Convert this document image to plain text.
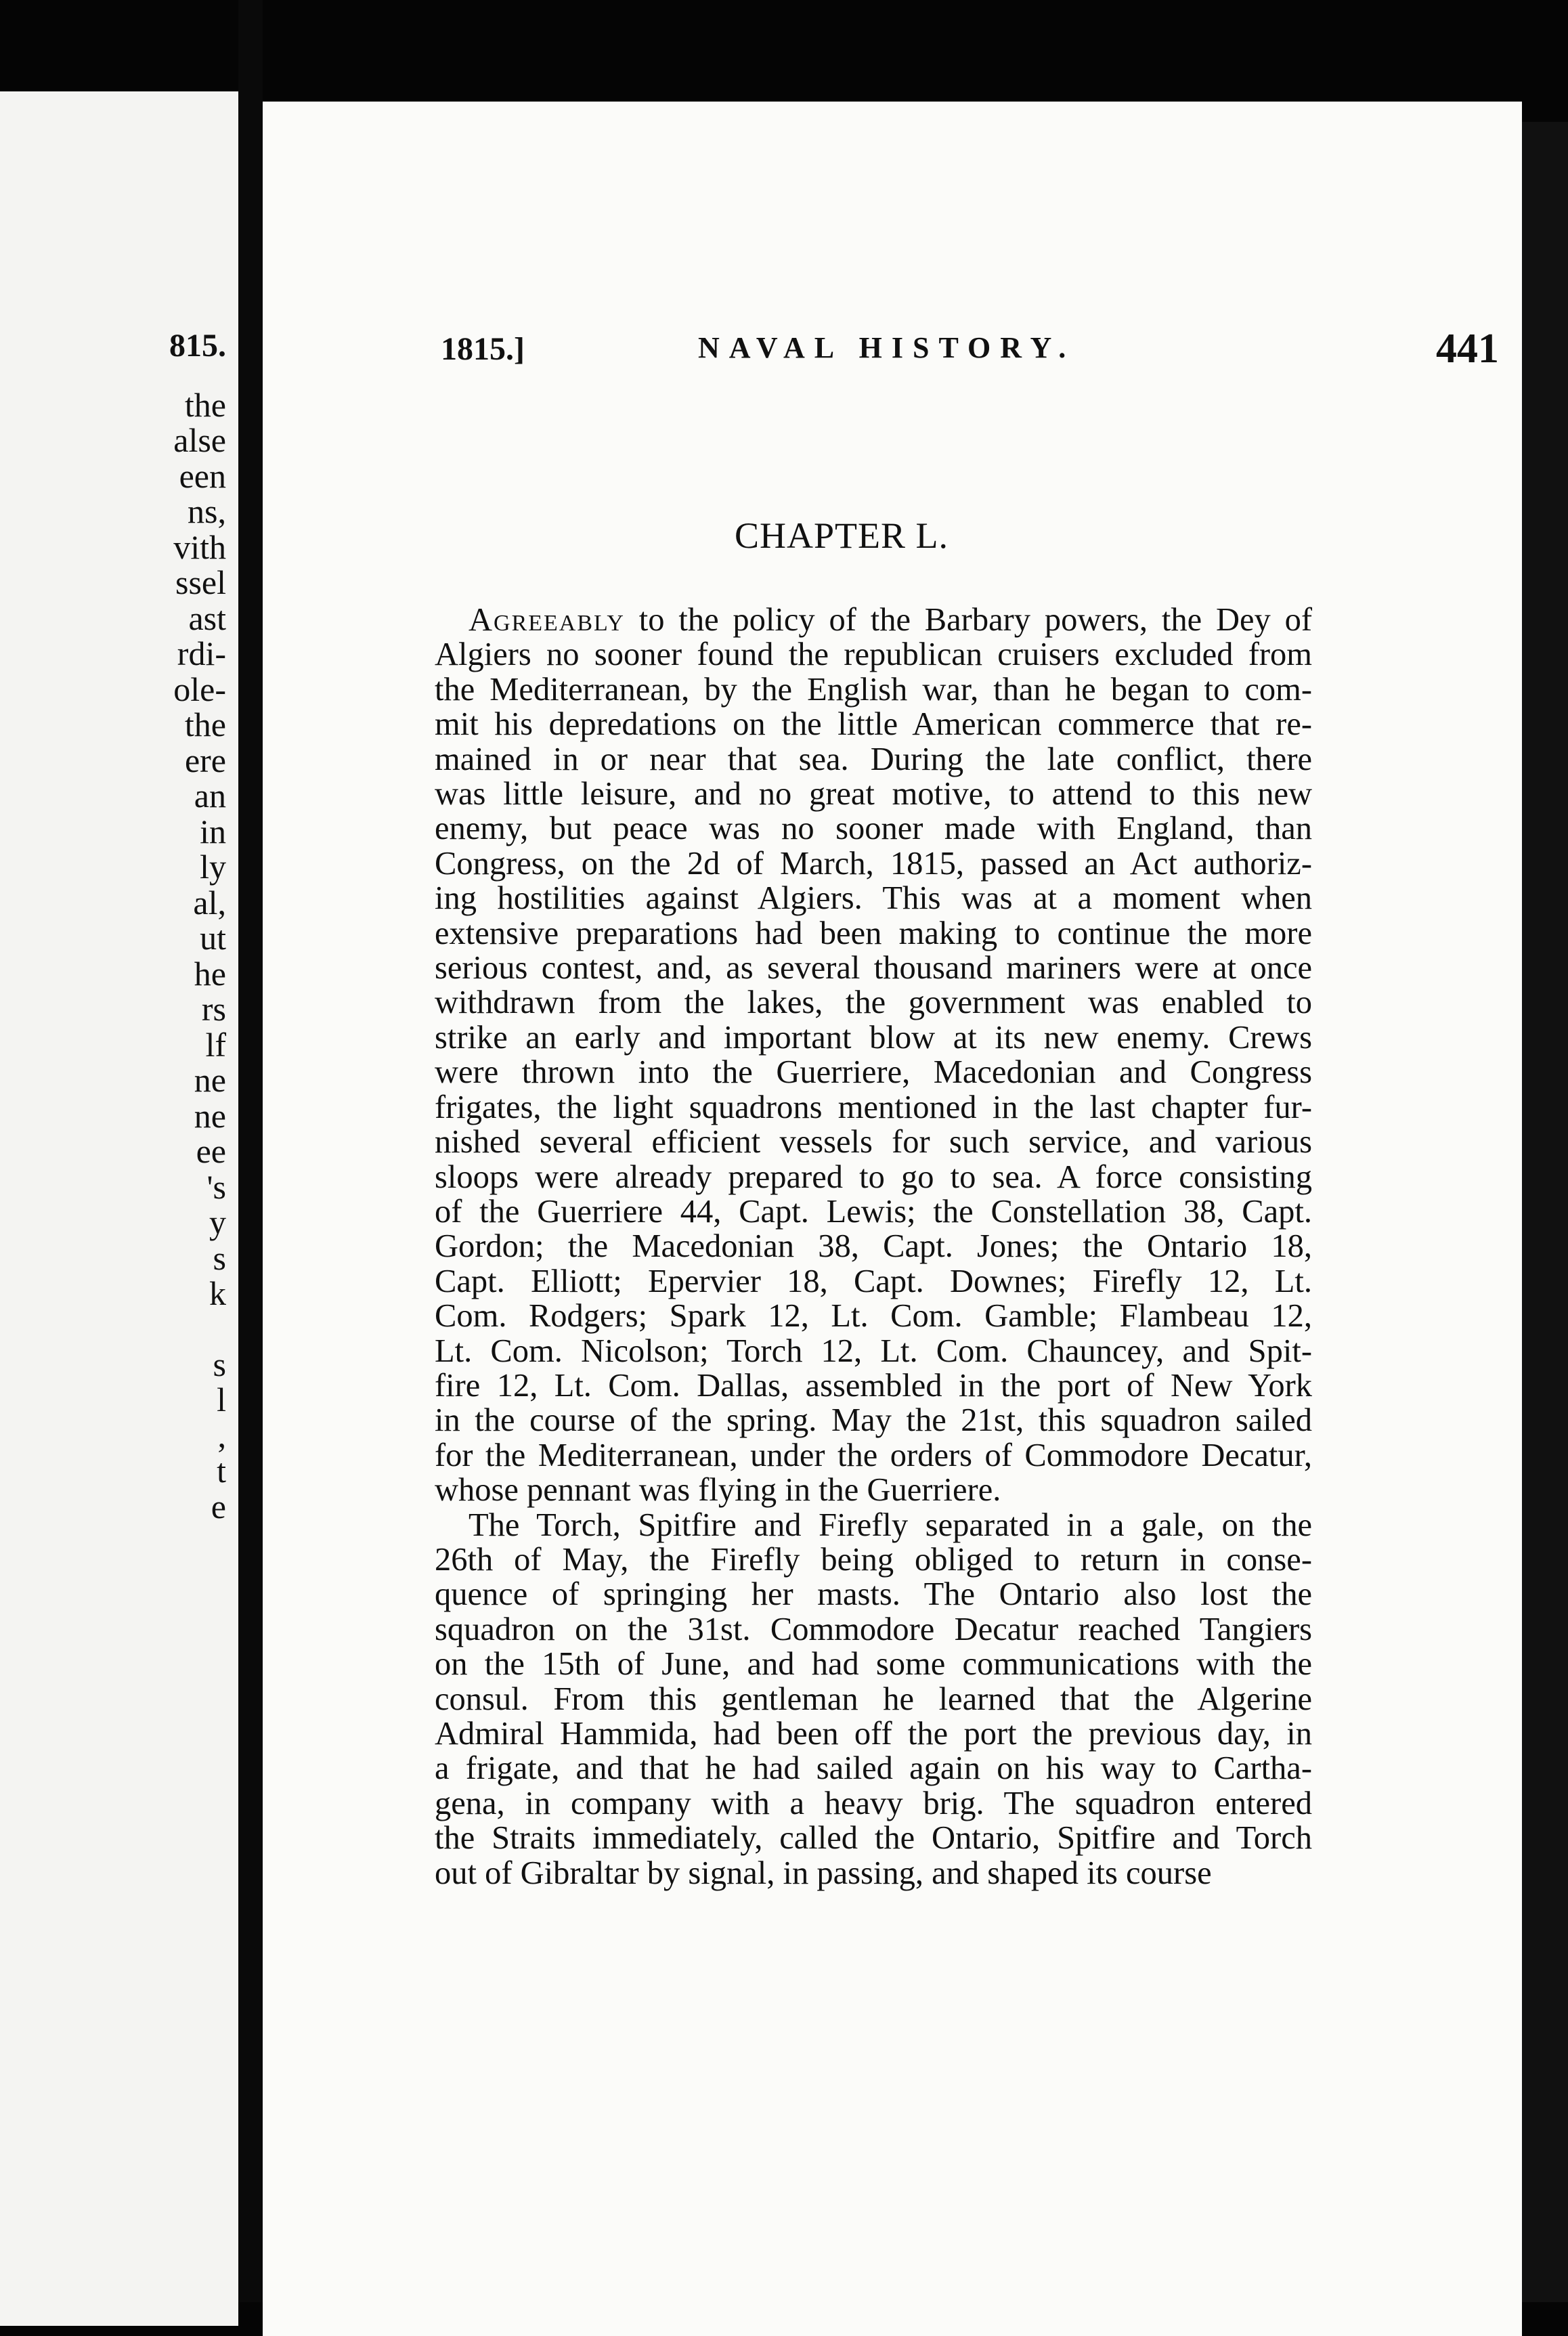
815.
the
alse
een
ns,
vith
ssel
ast
rdi-
ole-
the
ere
an
in
ly
al,
ut
he
rs
lf
ne
ne
ee
's
y
s
k
s
l
,
t
e
1815.]	NAVAL HISTORY.	441
CHAPTER L.
Agreeably to the policy of the Barbary powers, the Dey of
Algiers no sooner found the republican cruisers excluded from
the Mediterranean, by the English war, than he began to com-
mit his depredations on the little American commerce that re-
mained in or near that sea. During the late conflict, there
was little leisure, and no great motive, to attend to this new
enemy, but peace was no sooner made with England, than
Congress, on the 2d of March, 1815, passed an Act authoriz-
ing hostilities against Algiers. This was at a moment when
extensive preparations had been making to continue the more
serious contest, and, as several thousand mariners were at once
withdrawn from the lakes, the government was enabled to
strike an early and important blow at its new enemy. Crews
were thrown into the Guerriere, Macedonian and Congress
frigates, the light squadrons mentioned in the last chapter fur-
nished several efficient vessels for such service, and various
sloops were already prepared to go to sea. A force consisting
of the Guerriere 44, Capt. Lewis; the Constellation 38, Capt.
Gordon; the Macedonian 38, Capt. Jones; the Ontario 18,
Capt. Elliott; Epervier 18, Capt. Downes; Firefly 12, Lt.
Com. Rodgers; Spark 12, Lt. Com. Gamble; Flambeau 12,
Lt. Com. Nicolson; Torch 12, Lt. Com. Chauncey, and Spit-
fire 12, Lt. Com. Dallas, assembled in the port of New York
in the course of the spring. May the 21st, this squadron sailed
for the Mediterranean, under the orders of Commodore Decatur,
whose pennant was flying in the Guerriere.
The Torch, Spitfire and Firefly separated in a gale, on the
26th of May, the Firefly being obliged to return in conse-
quence of springing her masts. The Ontario also lost the
squadron on the 31st. Commodore Decatur reached Tangiers
on the 15th of June, and had some communications with the
consul. From this gentleman he learned that the Algerine
Admiral Hammida, had been off the port the previous day, in
a frigate, and that he had sailed again on his way to Cartha-
gena, in company with a heavy brig. The squadron entered
the Straits immediately, called the Ontario, Spitfire and Torch
out of Gibraltar by signal, in passing, and shaped its course
